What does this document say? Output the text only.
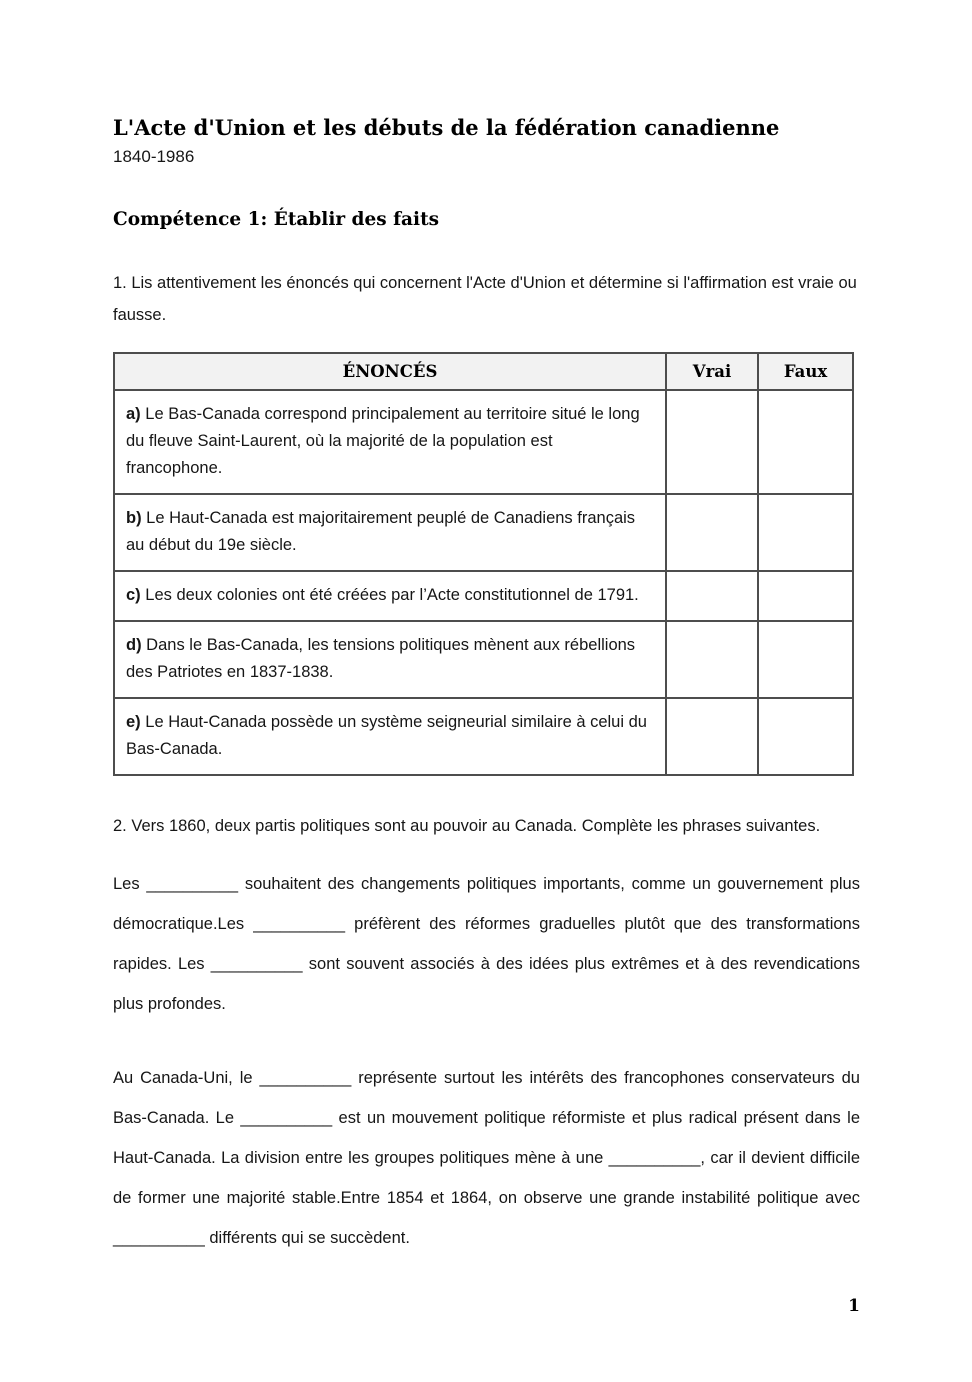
L'Acte d'Union et les débuts de la fédération canadienne
1840-1986
Compétence 1: Établir des faits

1. Lis attentivement les énoncés qui concernent l'Acte d'Union et détermine si l'affirmation est vraie ou fausse.

ÉNONCÉS	Vrai	Faux
a) Le Bas-Canada correspond principalement au territoire situé le long du fleuve Saint-Laurent, où la majorité de la population est francophone.		
b) Le Haut-Canada est majoritairement peuplé de Canadiens français au début du 19e siècle.		
c) Les deux colonies ont été créées par l’Acte constitutionnel de 1791.		
d) Dans le Bas-Canada, les tensions politiques mènent aux rébellions des Patriotes en 1837-1838.		
e) Le Haut-Canada possède un système seigneurial similaire à celui du Bas-Canada.		

2. Vers 1860, deux partis politiques sont au pouvoir au Canada. Complète les phrases suivantes.

Les __________ souhaitent des changements politiques importants, comme un gouvernement plus démocratique.Les __________ préfèrent des réformes graduelles plutôt que des transformations rapides. Les __________ sont souvent associés à des idées plus extrêmes et à des revendications plus profondes.

Au Canada-Uni, le __________ représente surtout les intérêts des francophones conservateurs du Bas-Canada. Le __________ est un mouvement politique réformiste et plus radical présent dans le Haut-Canada. La division entre les groupes politiques mène à une __________, car il devient difficile de former une majorité stable.Entre 1854 et 1864, on observe une grande instabilité politique avec __________ différents qui se succèdent.

1
